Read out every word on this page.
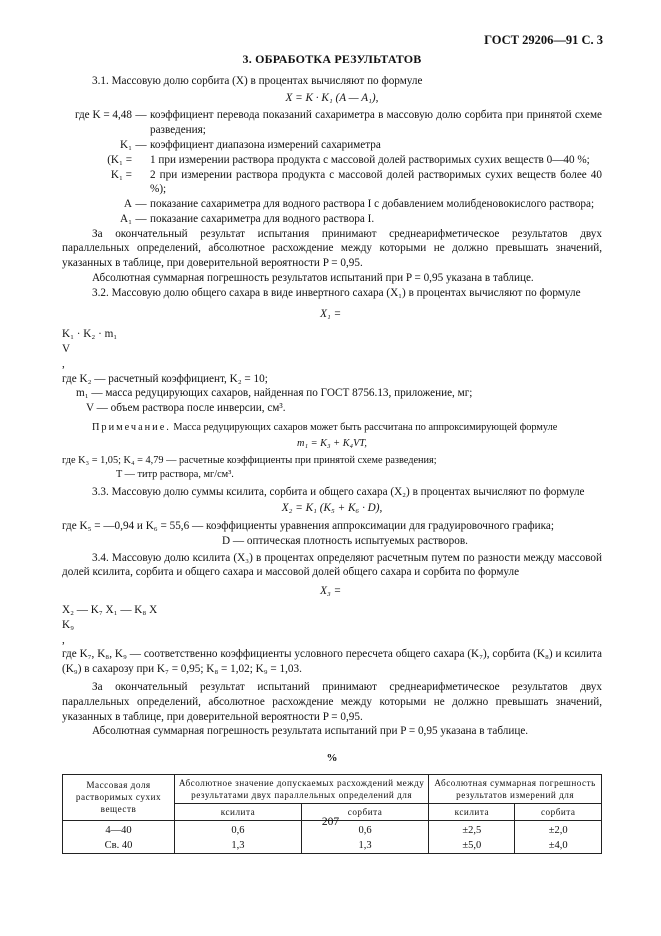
ГОСТ 29206—91 С. 3
3. ОБРАБОТКА РЕЗУЛЬТАТОВ

3.1. Массовую долю сорбита (X) в процентах вычисляют по формуле

X = K · K₁ (A — A₁),

где K = 4,48 — коэффициент перевода показаний сахариметра в массовую долю сорбита при принятой схеме разведения;
K₁ — коэффициент диапазона измерений сахариметра
(K₁ = 1 при измерении раствора продукта с массовой долей растворимых сухих веществ 0—40 %;
K₁ = 2 при измерении раствора продукта с массовой долей растворимых сухих веществ более 40 %);
A — показание сахариметра для водного раствора I с добавлением молибденовокислого раствора;
A₁ — показание сахариметра для водного раствора I.

За окончательный результат испытания принимают среднеарифметическое результатов двух параллельных определений, абсолютное расхождение между которыми не должно превышать значений, указанных в таблице, при доверительной вероятности P = 0,95.

Абсолютная суммарная погрешность результатов испытаний при P = 0,95 указана в таблице.

3.2. Массовую долю общего сахара в виде инвертного сахара (X₁) в процентах вычисляют по формуле

X₁ =

K₁ · K₂ · m₁
V
,

где K₂ — расчетный коэффициент, K₂ = 10;

m₁ — масса редуцирующих сахаров, найденная по ГОСТ 8756.13, приложение, мг;

V — объем раствора после инверсии, см³.

Примечание. Масса редуцирующих сахаров может быть рассчитана по аппроксимирующей формуле

m₁ = K₃ + K₄VT,

где K₃ = 1,05; K₄ = 4,79 — расчетные коэффициенты при принятой схеме разведения;

T — титр раствора, мг/см³.

3.3. Массовую долю суммы ксилита, сорбита и общего сахара (X₂) в процентах вычисляют по формуле

X₂ = K₁ (K₅ + K₆ · D),

где K₅ = —0,94 и K₆ = 55,6 — коэффициенты уравнения аппроксимации для градуировочного графика;

D — оптическая плотность испытуемых растворов.

3.4. Массовую долю ксилита (X₃) в процентах определяют расчетным путем по разности между массовой долей ксилита, сорбита и общего сахара и массовой долей общего сахара и сорбита по формуле

X₃ =

X₂ — K₇ X₁ — K₈ X
K₉
,

где K₇, K₈, K₉ — соответственно коэффициенты условного пересчета общего сахара (K₇), сорбита (K₈) и ксилита (K₉) в сахарозу при K₇ = 0,95; K₈ = 1,02; K₉ = 1,03.

За окончательный результат испытаний принимают среднеарифметическое результатов двух параллельных определений, абсолютное расхождение между которыми не должно превышать значений, указанных в таблице, при доверительной вероятности P = 0,95.

Абсолютная суммарная погрешность результата испытаний при P = 0,95 указана в таблице.

%
Массовая доля растворимых сухих веществ	Абсолютное значение допускаемых расхождений между результатами двух параллельных определений для		Абсолютная суммарная погрешность результатов измерений для	
	ксилита	сорбита	ксилита	сорбита
4—40	0,6	0,6	±2,5	±2,0
Св. 40	1,3	1,3	±5,0	±4,0
207
